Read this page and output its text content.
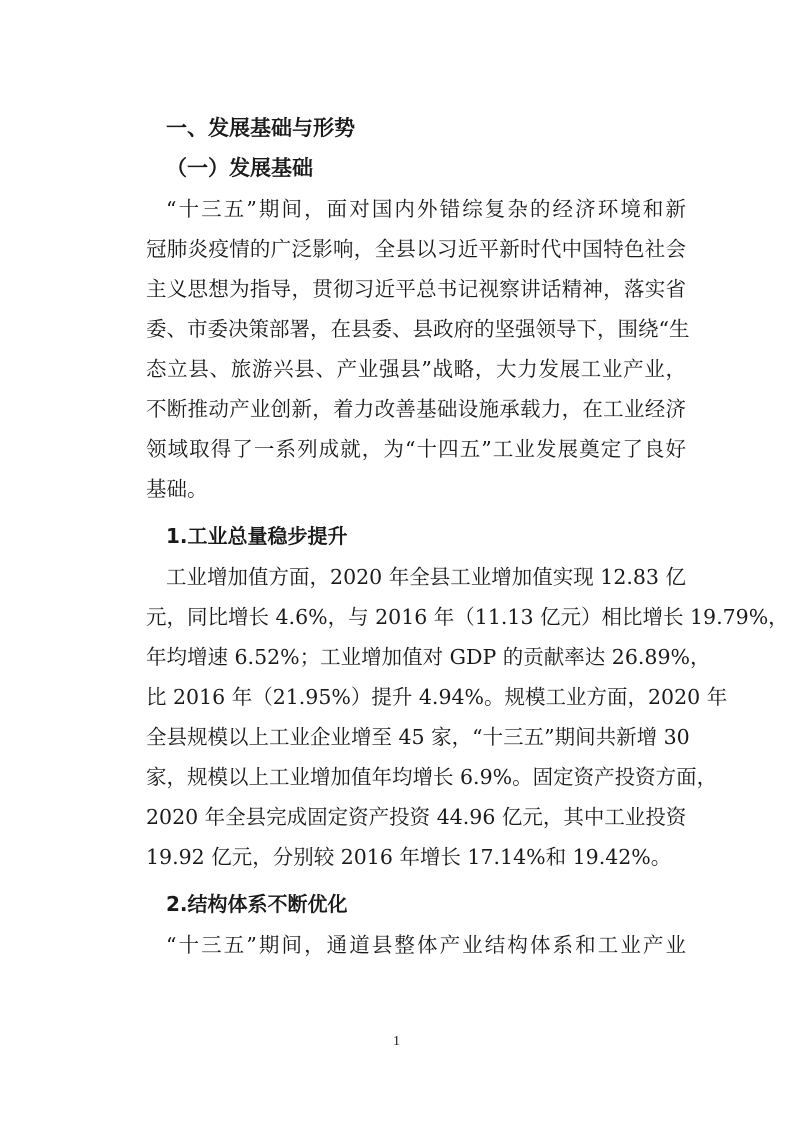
一、发展基础与形势
（一）发展基础
“十三五”期间，面对国内外错综复杂的经济环境和新
冠肺炎疫情的广泛影响，全县以习近平新时代中国特色社会
主义思想为指导，贯彻习近平总书记视察讲话精神，落实省
委、市委决策部署，在县委、县政府的坚强领导下，围绕“生
态立县、旅游兴县、产业强县”战略，大力发展工业产业，
不断推动产业创新，着力改善基础设施承载力，在工业经济
领域取得了一系列成就，为“十四五”工业发展奠定了良好
基础。
1.工业总量稳步提升
工业增加值方面，2020 年全县工业增加值实现 12.83 亿
元，同比增长 4.6%，与 2016 年（11.13 亿元）相比增长 19.79%，
年均增速 6.52%；工业增加值对 GDP 的贡献率达 26.89%，
比 2016 年（21.95%）提升 4.94%。规模工业方面，2020 年
全县规模以上工业企业增至 45 家，“十三五”期间共新增 30
家，规模以上工业增加值年均增长 6.9%。固定资产投资方面，
2020 年全县完成固定资产投资 44.96 亿元，其中工业投资
19.92 亿元，分别较 2016 年增长 17.14%和 19.42%。
2.结构体系不断优化
“十三五”期间，通道县整体产业结构体系和工业产业
1
